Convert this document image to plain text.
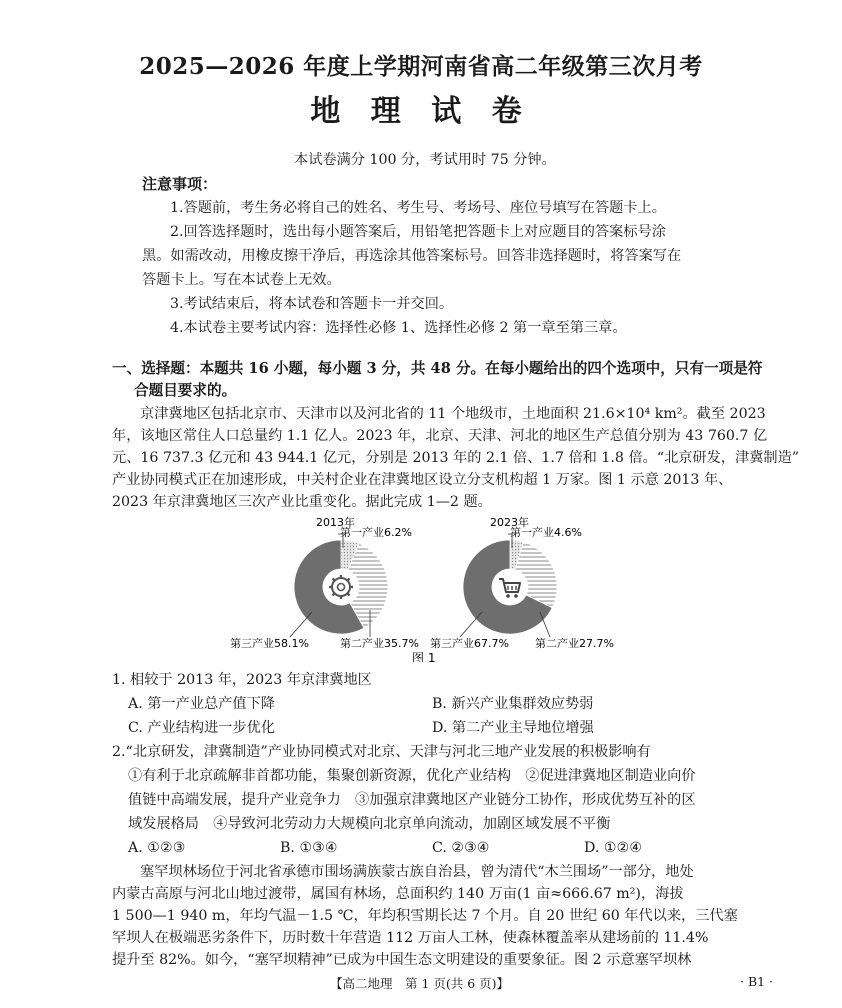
2025—2026 年度上学期河南省高二年级第三次月考
地 理 试 卷
本试卷满分 100 分，考试用时 75 分钟。
注意事项：
1.答题前，考生务必将自己的姓名、考生号、考场号、座位号填写在答题卡上。
2.回答选择题时，选出每小题答案后，用铅笔把答题卡上对应题目的答案标号涂
黑。如需改动，用橡皮擦干净后，再选涂其他答案标号。回答非选择题时，将答案写在
答题卡上。写在本试卷上无效。
3.考试结束后，将本试卷和答题卡一并交回。
4.本试卷主要考试内容：选择性必修 1、选择性必修 2 第一章至第三章。
一、选择题：本题共 16 小题，每小题 3 分，共 48 分。在每小题给出的四个选项中，只有一项是符
合题目要求的。
京津冀地区包括北京市、天津市以及河北省的 11 个地级市，土地面积 21.6×10⁴ km²。截至 2023
年，该地区常住人口总量约 1.1 亿人。2023 年，北京、天津、河北的地区生产总值分别为 43 760.7 亿
元、16 737.3 亿元和 43 944.1 亿元，分别是 2013 年的 2.1 倍、1.7 倍和 1.8 倍。“北京研发，津冀制造”
产业协同模式正在加速形成，中关村企业在津冀地区设立分支机构超 1 万家。图 1 示意 2013 年、
2023 年京津冀地区三次产业比重变化。据此完成 1—2 题。
2013年
第一产业6.2%
第三产业58.1%	第二产业35.7%
2023年
第一产业4.6%
第三产业67.7% 第二产业27.7%
图 1
1. 相较于 2013 年，2023 年京津冀地区
A. 第一产业总产值下降	B. 新兴产业集群效应势弱
C. 产业结构进一步优化	D. 第二产业主导地位增强
2.“北京研发，津冀制造”产业协同模式对北京、天津与河北三地产业发展的积极影响有
①有利于北京疏解非首都功能，集聚创新资源，优化产业结构　②促进津冀地区制造业向价
值链中高端发展，提升产业竞争力　③加强京津冀地区产业链分工协作，形成优势互补的区
域发展格局　④导致河北劳动力大规模向北京单向流动，加剧区域发展不平衡
A. ①②③	B. ①③④	C. ②③④	D. ①②④
塞罕坝林场位于河北省承德市围场满族蒙古族自治县，曾为清代“木兰围场”一部分，地处
内蒙古高原与河北山地过渡带，属国有林场，总面积约 140 万亩(1 亩≈666.67 m²)，海拔
1 500—1 940 m，年均气温－1.5 ℃，年均积雪期长达 7 个月。自 20 世纪 60 年代以来，三代塞
罕坝人在极端恶劣条件下，历时数十年营造 112 万亩人工林，使森林覆盖率从建场前的 11.4%
提升至 82%。如今，“塞罕坝精神”已成为中国生态文明建设的重要象征。图 2 示意塞罕坝林
【高二地理　第 1 页(共 6 页)】	· B1 ·
